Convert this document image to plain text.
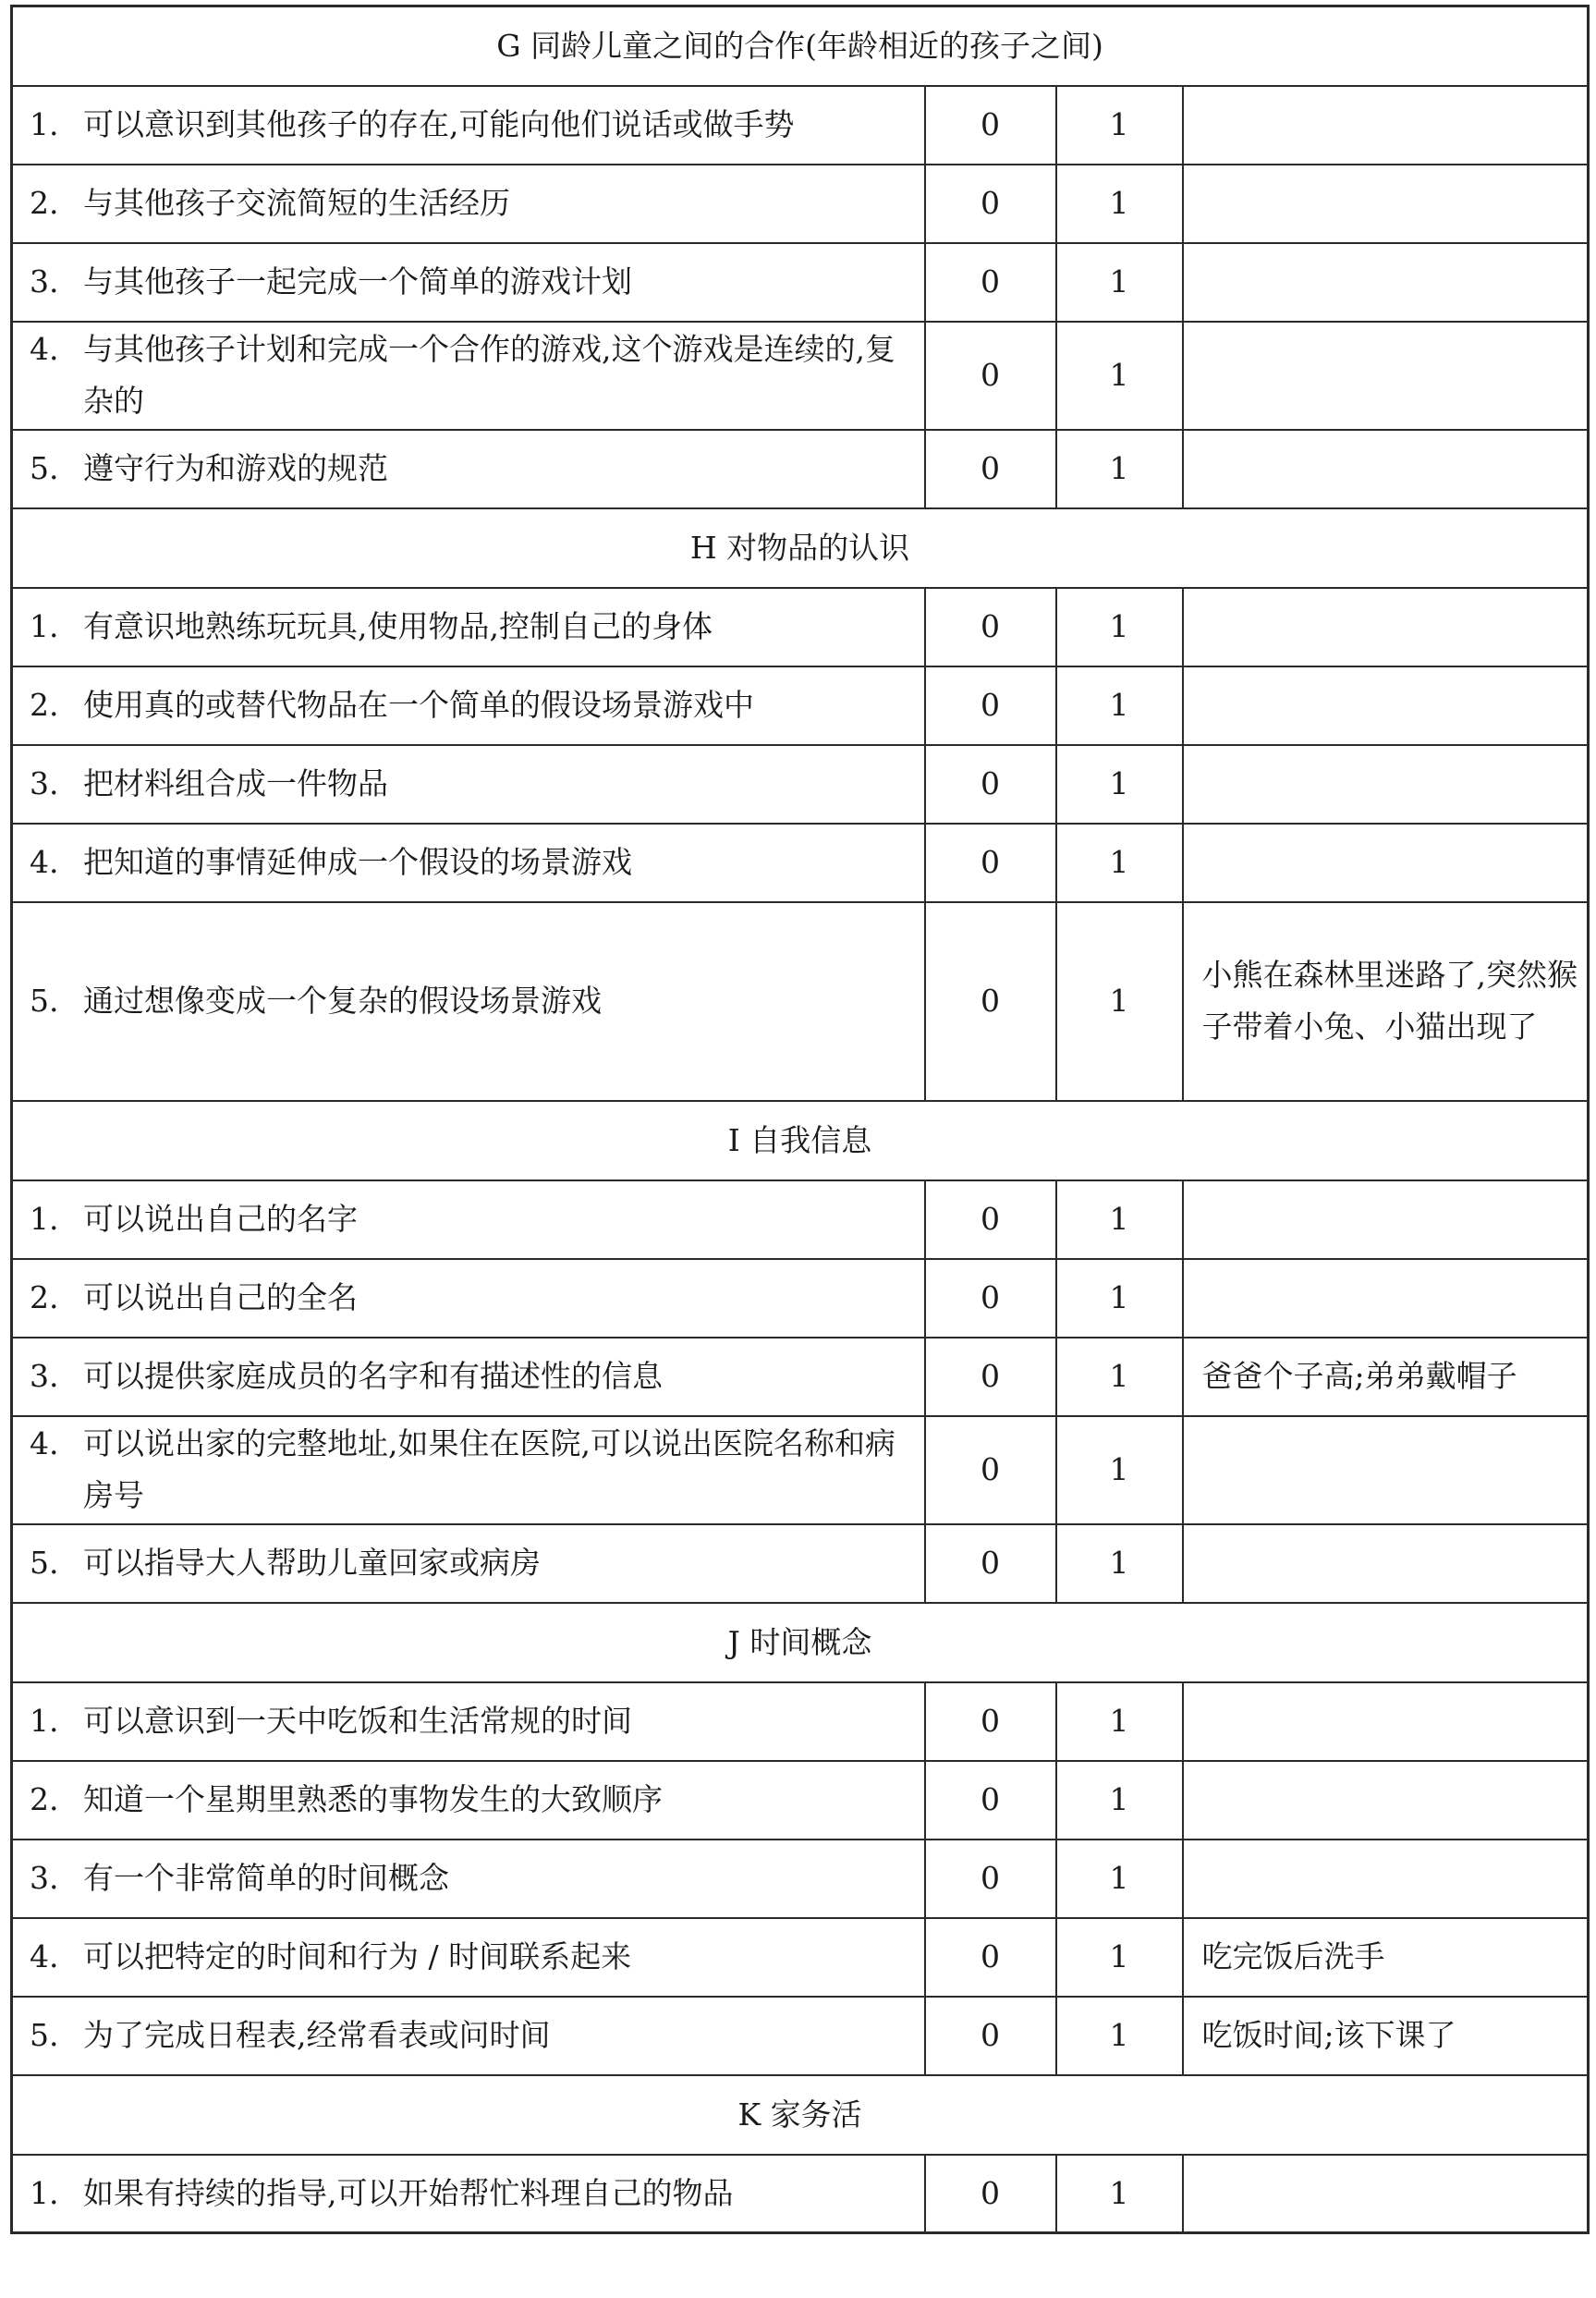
G 同龄儿童之间的合作(年龄相近的孩子之间)			

1. 可以意识到其他孩子的存在,可能向他们说话或做手势	0	1	

2. 与其他孩子交流简短的生活经历	0	1	

3. 与其他孩子一起完成一个简单的游戏计划	0	1	

4. 与其他孩子计划和完成一个合作的游戏,这个游戏是连续的,复杂的	0	1	

5. 遵守行为和游戏的规范	0	1	
H 对物品的认识			

1. 有意识地熟练玩玩具,使用物品,控制自己的身体	0	1	

2. 使用真的或替代物品在一个简单的假设场景游戏中	0	1	

3. 把材料组合成一件物品	0	1	

4. 把知道的事情延伸成一个假设的场景游戏	0	1	

5. 通过想像变成一个复杂的假设场景游戏	0	1	小熊在森林里迷路了,突然猴子带着小兔、小猫出现了
I 自我信息			

1. 可以说出自己的名字	0	1	

2. 可以说出自己的全名	0	1	

3. 可以提供家庭成员的名字和有描述性的信息	0	1	爸爸个子高;弟弟戴帽子

4. 可以说出家的完整地址,如果住在医院,可以说出医院名称和病房号	0	1	

5. 可以指导大人帮助儿童回家或病房	0	1	
J 时间概念			

1. 可以意识到一天中吃饭和生活常规的时间	0	1	

2. 知道一个星期里熟悉的事物发生的大致顺序	0	1	

3. 有一个非常简单的时间概念	0	1	

4. 可以把特定的时间和行为 / 时间联系起来	0	1	吃完饭后洗手

5. 为了完成日程表,经常看表或问时间	0	1	吃饭时间;该下课了
K 家务活			

1. 如果有持续的指导,可以开始帮忙料理自己的物品	0	1	
